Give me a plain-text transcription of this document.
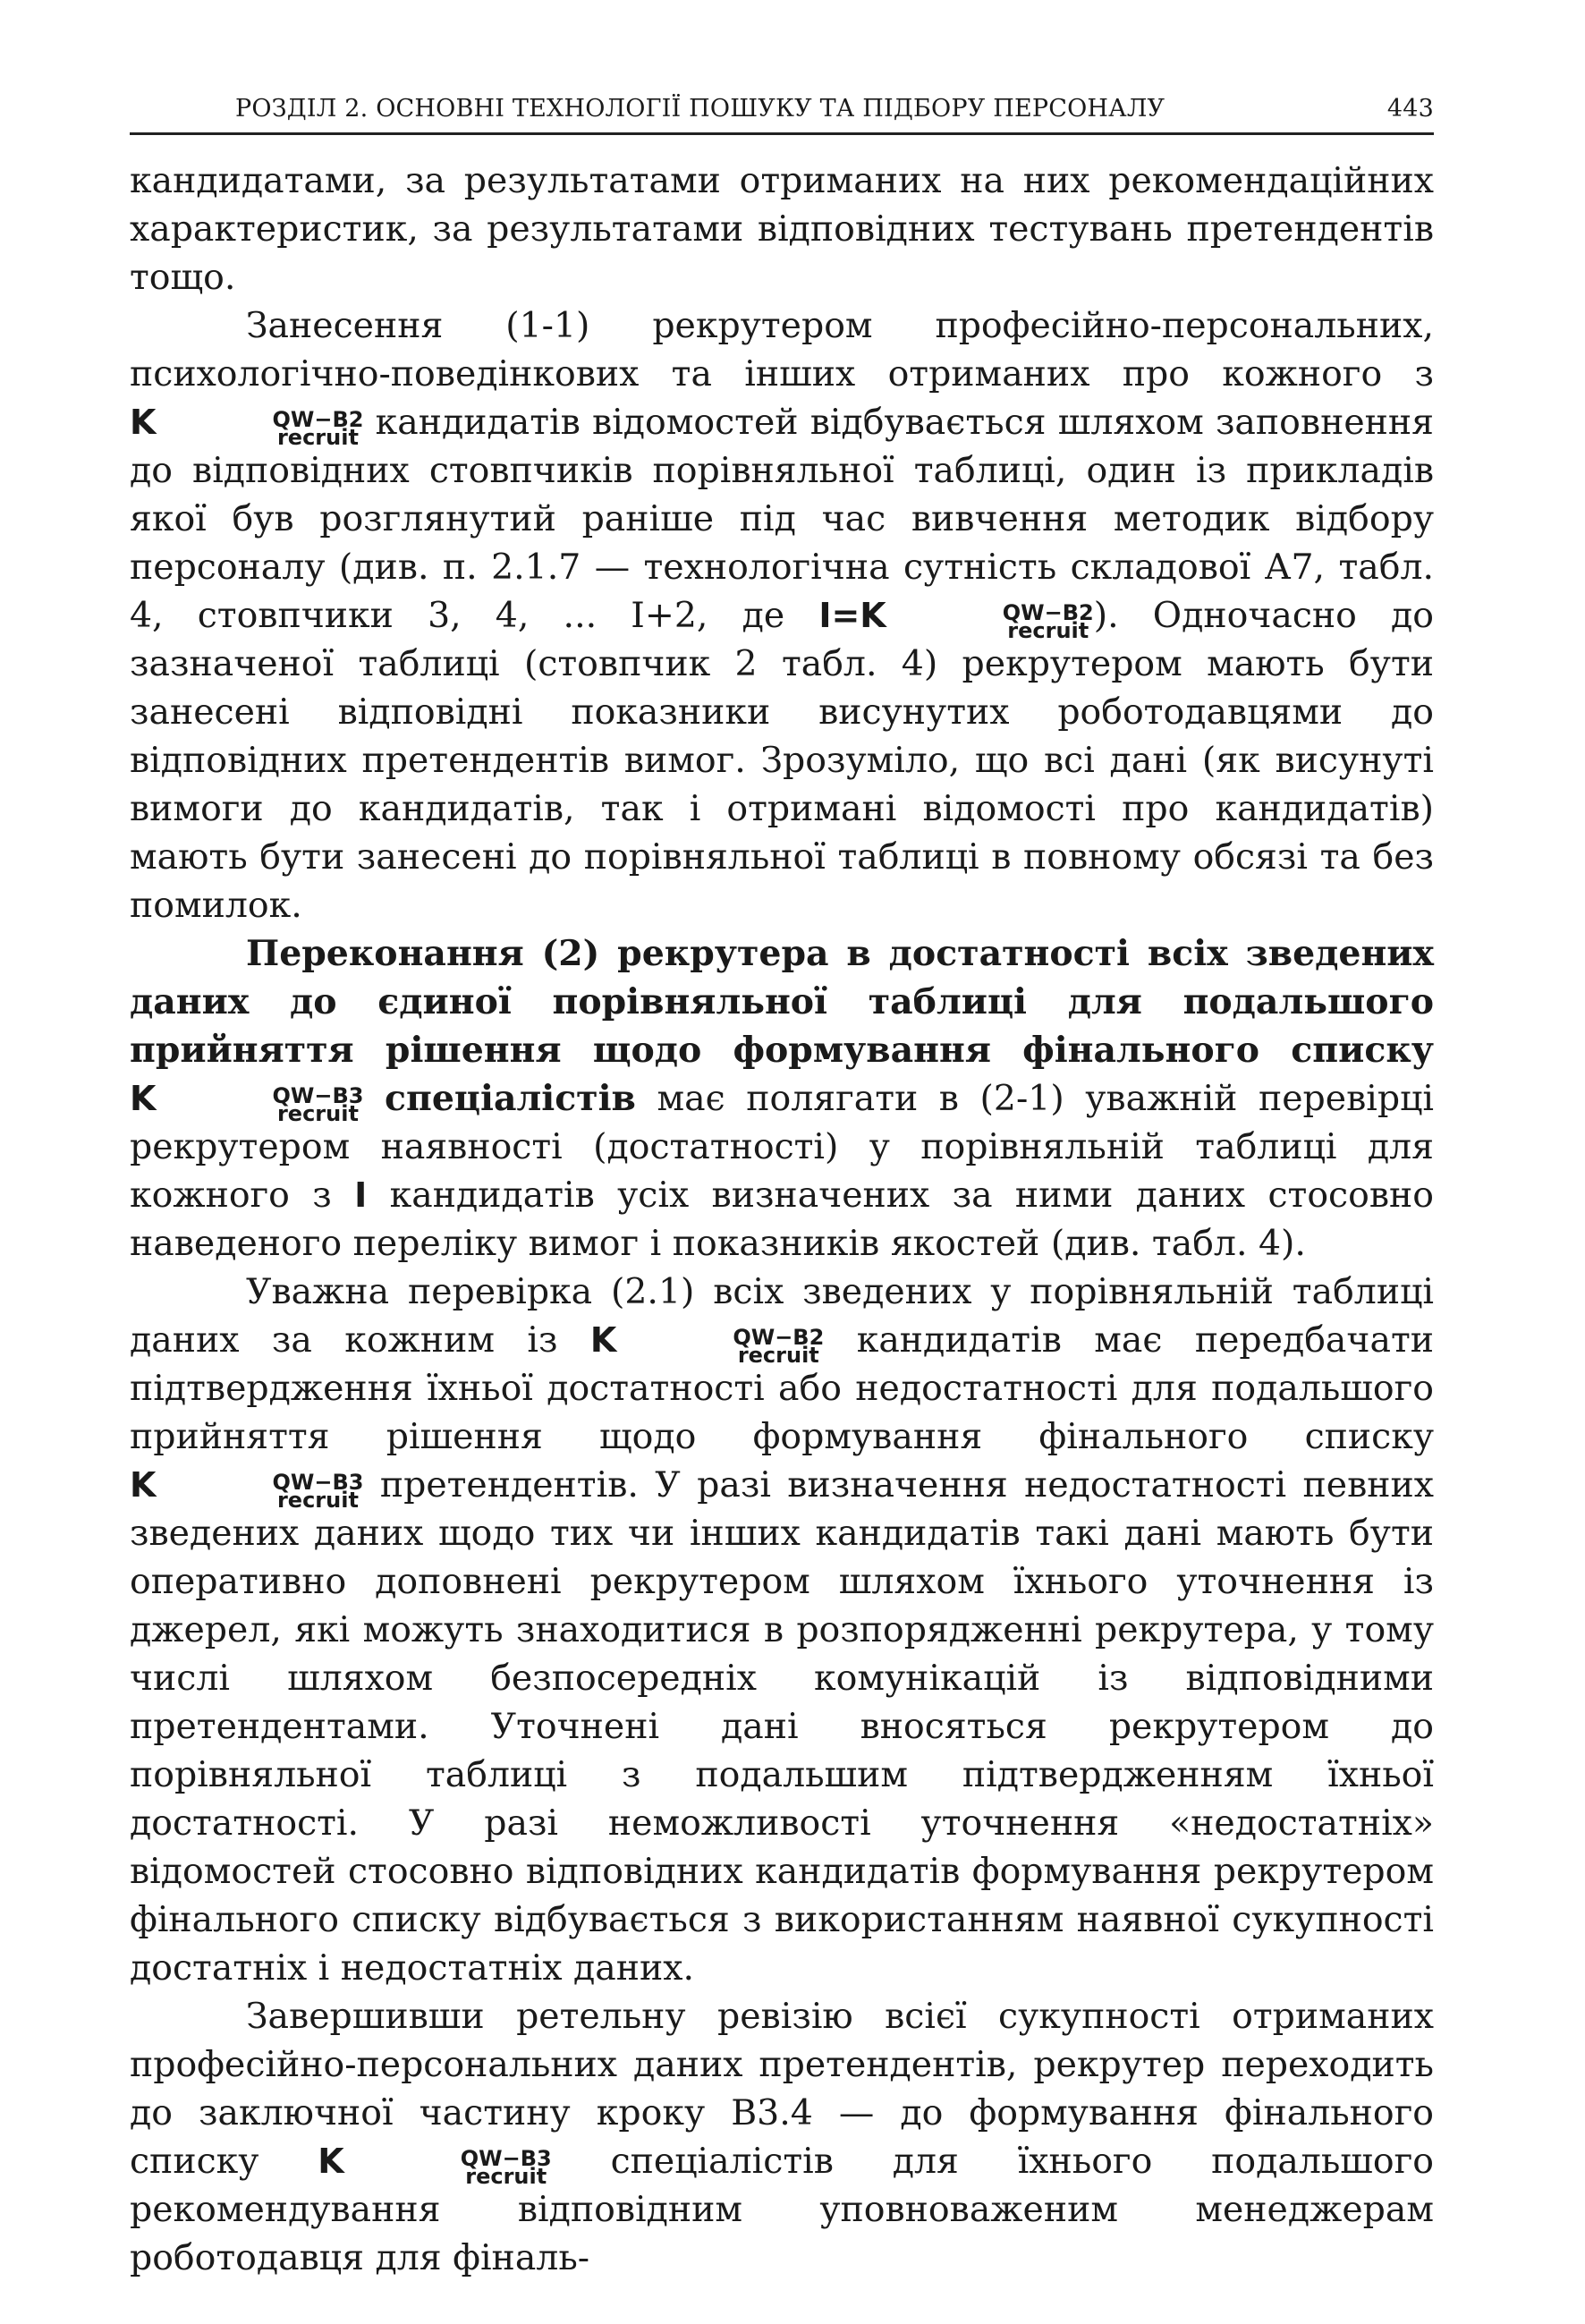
РОЗДІЛ 2. ОСНОВНІ ТЕХНОЛОГІЇ ПОШУКУ ТА ПІДБОРУ ПЕРСОНАЛУ	443

кандидатами, за результатами отриманих на них рекомендаційних характеристик, за результатами відповідних тестувань претендентів тощо.

Занесення (1-1) рекрутером професійно-персональних, психологічно-поведінкових та інших отриманих про кожного з K	QW−B2
recruit кандидатів відомостей відбувається шляхом заповнення до відповідних стовпчиків порівняльної таблиці, один із прикладів якої був розглянутий раніше під час вивчення методик відбору персоналу (див. п. 2.1.7 — технологічна сутність складової А7, табл. 4, стовпчики 3, 4, ... I+2, де I=K	QW−B2
recruit ). Одночасно до зазначеної таблиці (стовпчик 2 табл. 4) рекрутером мають бути занесені відповідні показники висунутих роботодавцями до відповідних претендентів вимог. Зрозуміло, що всі дані (як висунуті вимоги до кандидатів, так і отримані відомості про кандидатів) мають бути занесені до порівняльної таблиці в повному обсязі та без помилок.

Переконання (2) рекрутера в достатності всіх зведених даних до єдиної порівняльної таблиці для подальшого прийняття рішення щодо формування фінального списку K	QW−B3
recruit спеціалістів має полягати в (2-1) уважній перевірці рекрутером наявності (достатності) у порівняльній таблиці для кожного з I кандидатів усіх визначених за ними даних стосовно наведеного переліку вимог і показників якостей (див. табл. 4).

Уважна перевірка (2.1) всіх зведених у порівняльній таблиці даних за кожним із K	QW−B2
recruit кандидатів має передбачати підтвердження їхньої достатності або недостатності для подальшого прийняття рішення щодо формування фінального списку K	QW−B3
recruit претендентів. У разі визначення недостатності певних зведених даних щодо тих чи інших кандидатів такі дані мають бути оперативно доповнені рекрутером шляхом їхнього уточнення із джерел, які можуть знаходитися в розпорядженні рекрутера, у тому числі шляхом безпосередніх комунікацій із відповідними претендентами. Уточнені дані вносяться рекрутером до порівняльної таблиці з подальшим підтвердженням їхньої достатності. У разі неможливості уточнення «недостатніх» відомостей стосовно відповідних кандидатів формування рекрутером фінального списку відбувається з використанням наявної сукупності достатніх і недостатніх даних.

Завершивши ретельну ревізію всієї сукупності отриманих професійно-персональних даних претендентів, рекрутер переходить до заключної частину кроку В3.4 — до формування фінального списку K	QW−B3
recruit спеціалістів для їхнього подальшого рекомендування відповідним уповноваженим менеджерам роботодавця для фіналь-
